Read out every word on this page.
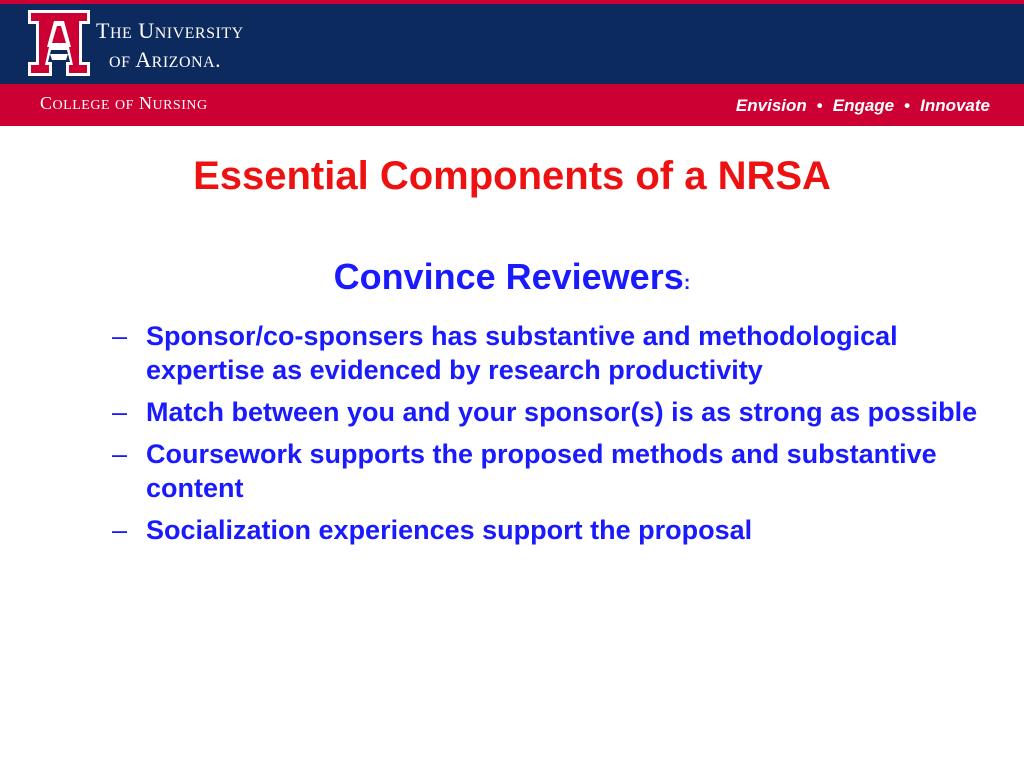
THE UNIVERSITY
OF ARIZONA.
COLLEGE OF NURSING	Envision • Engage • Innovate
Essential Components of a NRSA
Convince Reviewers:
– Sponsor/co-sponsers has substantive and methodological expertise as evidenced by research productivity
– Match between you and your sponsor(s) is as strong as possible
– Coursework supports the proposed methods and substantive content
– Socialization experiences support the proposal
